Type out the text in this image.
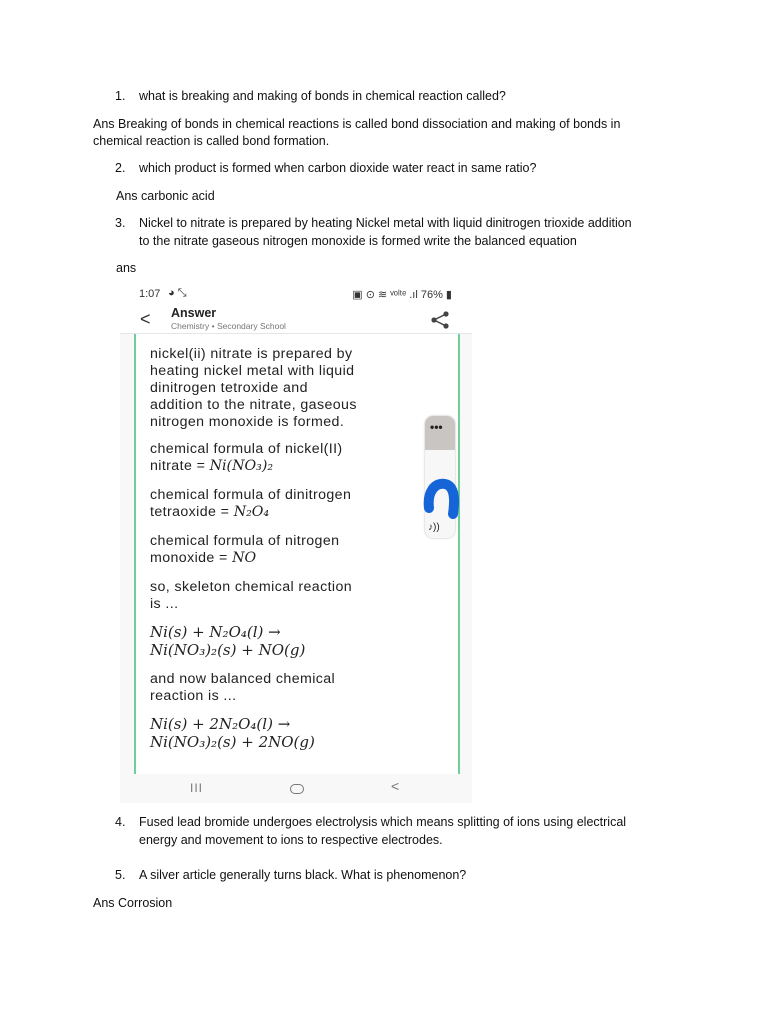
1. what is breaking and making of bonds in chemical reaction called?
Ans Breaking of bonds in chemical reactions is called bond dissociation and making of bonds in
chemical reaction is called bond formation.
2. which product is formed when carbon dioxide water react in same ratio?
Ans carbonic acid
3. Nickel to nitrate is prepared by heating Nickel metal with liquid dinitrogen trioxide addition
to the nitrate gaseous nitrogen monoxide is formed write the balanced equation
ans
1:07 ◕ ⤡	▣ ⊙ ≋ ᵛᵒˡᵗᵉ .ıl 76% ▮
< Answer
Chemistry • Secondary School
nickel(ii) nitrate is prepared by
heating nickel metal with liquid
dinitrogen tetroxide and
addition to the nitrate, gaseous
nitrogen monoxide is formed.
chemical formula of nickel(II)
nitrate = Ni(NO₃)₂
chemical formula of dinitrogen
tetraoxide = N₂O₄
chemical formula of nitrogen
monoxide = NO
so, skeleton chemical reaction
is ...
Ni(s) + N₂O₄(l) →
Ni(NO₃)₂(s) + NO(g)
and now balanced chemical
reaction is ...
Ni(s) + 2N₂O₄(l) →
Ni(NO₃)₂(s) + 2NO(g)
•••
♪))
III	<
4. Fused lead bromide undergoes electrolysis which means splitting of ions using electrical
energy and movement to ions to respective electrodes.
5. A silver article generally turns black. What is phenomenon?
Ans Corrosion
